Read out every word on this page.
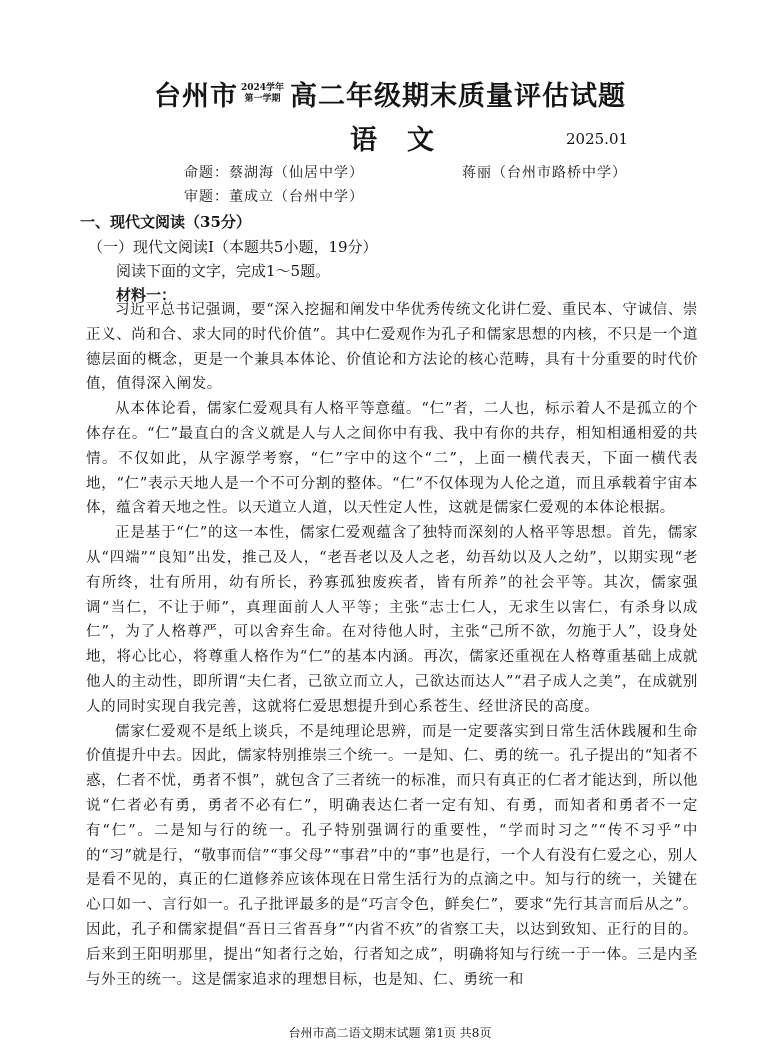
台州市 2024学年
第一学期 高二年级期末质量评估试题
语文	2025.01
命题：蔡湖海（仙居中学）	蒋丽（台州市路桥中学）
审题：董成立（台州中学）
一、现代文阅读（35分）
（一）现代文阅读Ⅰ（本题共5小题，19分）
阅读下面的文字，完成1～5题。
材料一：

习近平总书记强调，要“深入挖掘和阐发中华优秀传统文化讲仁爱、重民本、守诚信、崇正义、尚和合、求大同的时代价值”。其中仁爱观作为孔子和儒家思想的内核，不只是一个道德层面的概念，更是一个兼具本体论、价值论和方法论的核心范畴，具有十分重要的时代价值，值得深入阐发。

从本体论看，儒家仁爱观具有人格平等意蕴。“仁”者，二人也，标示着人不是孤立的个体存在。“仁”最直白的含义就是人与人之间你中有我、我中有你的共存，相知相通相爱的共情。不仅如此，从字源学考察，“仁”字中的这个“二”，上面一横代表天，下面一横代表地，“仁”表示天地人是一个不可分割的整体。“仁”不仅体现为人伦之道，而且承载着宇宙本体，蕴含着天地之性。以天道立人道，以天性定人性，这就是儒家仁爱观的本体论根据。

正是基于“仁”的这一本性，儒家仁爱观蕴含了独特而深刻的人格平等思想。首先，儒家从“四端”“良知”出发，推己及人，“老吾老以及人之老，幼吾幼以及人之幼”，以期实现“老有所终，壮有所用，幼有所长，矜寡孤独废疾者，皆有所养”的社会平等。其次，儒家强调“当仁，不让于师”，真理面前人人平等；主张“志士仁人，无求生以害仁，有杀身以成仁”，为了人格尊严，可以舍弃生命。在对待他人时，主张“己所不欲，勿施于人”，设身处地，将心比心，将尊重人格作为“仁”的基本内涵。再次，儒家还重视在人格尊重基础上成就他人的主动性，即所谓“夫仁者，己欲立而立人，己欲达而达人”“君子成人之美”，在成就别人的同时实现自我完善，这就将仁爱思想提升到心系苍生、经世济民的高度。

儒家仁爱观不是纸上谈兵，不是纯理论思辨，而是一定要落实到日常生活休践履和生命价值提升中去。因此，儒家特别推崇三个统一。一是知、仁、勇的统一。孔子提出的“知者不惑，仁者不忧，勇者不惧”，就包含了三者统一的标准，而只有真正的仁者才能达到，所以他说“仁者必有勇，勇者不必有仁”，明确表达仁者一定有知、有勇，而知者和勇者不一定有“仁”。二是知与行的统一。孔子特别强调行的重要性，“学而时习之”“传不习乎”中的“习”就是行，“敬事而信”“事父母”“事君”中的“事”也是行，一个人有没有仁爱之心，别人是看不见的，真正的仁道修养应该体现在日常生活行为的点滴之中。知与行的统一，关键在心口如一、言行如一。孔子批评最多的是“巧言令色，鲜矣仁”，要求“先行其言而后从之”。因此，孔子和儒家提倡“吾日三省吾身”“内省不疚”的省察工夫，以达到致知、正行的目的。后来到王阳明那里，提出“知者行之始，行者知之成”，明确将知与行统一于一体。三是内圣与外王的统一。这是儒家追求的理想目标，也是知、仁、勇统一和

台州市高二语文期末试题 第1页 共8页
